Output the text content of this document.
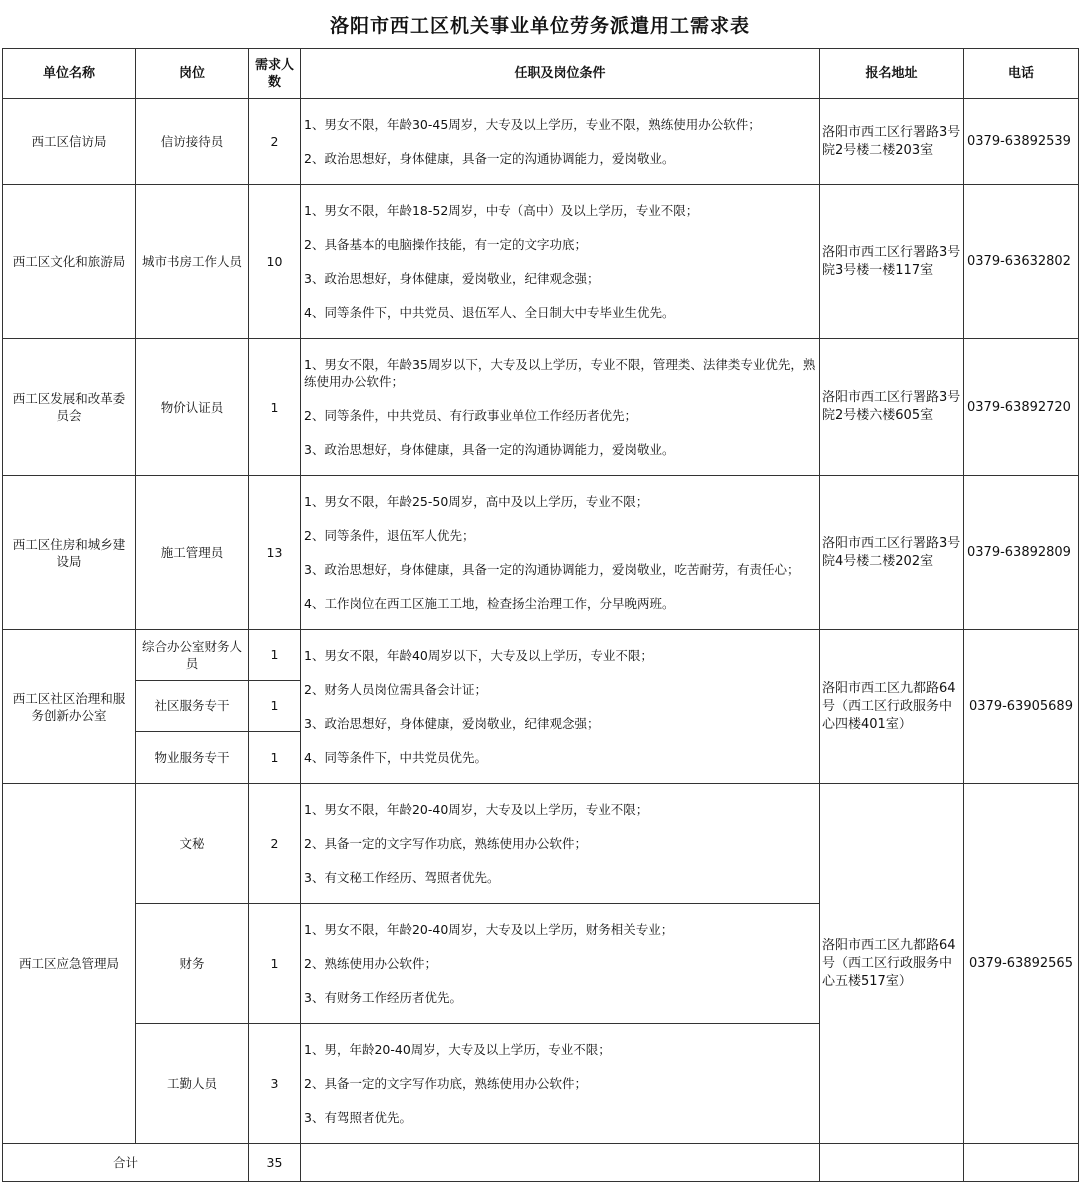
洛阳市西工区机关事业单位劳务派遣用工需求表
单位名称	岗位	需求人数	任职及岗位条件	报名地址	电话
西工区信访局	信访接待员	2	1、男女不限，年龄30-45周岁，大专及以上学历，专业不限，熟练使用办公软件；

2、政治思想好，身体健康，具备一定的沟通协调能力，爱岗敬业。	洛阳市西工区行署路3号院2号楼二楼203室	0379-63892539
西工区文化和旅游局	城市书房工作人员	10	1、男女不限，年龄18-52周岁，中专（高中）及以上学历，专业不限；

2、具备基本的电脑操作技能，有一定的文字功底；

3、政治思想好，身体健康，爱岗敬业，纪律观念强；

4、同等条件下，中共党员、退伍军人、全日制大中专毕业生优先。	洛阳市西工区行署路3号院3号楼一楼117室	0379-63632802
西工区发展和改革委员会	物价认证员	1	1、男女不限，年龄35周岁以下，大专及以上学历，专业不限，管理类、法律类专业优先，熟练使用办公软件；

2、同等条件，中共党员、有行政事业单位工作经历者优先；

3、政治思想好，身体健康，具备一定的沟通协调能力，爱岗敬业。	洛阳市西工区行署路3号院2号楼六楼605室	0379-63892720
西工区住房和城乡建设局	施工管理员	13	1、男女不限，年龄25-50周岁，高中及以上学历，专业不限；

2、同等条件，退伍军人优先；

3、政治思想好，身体健康，具备一定的沟通协调能力，爱岗敬业，吃苦耐劳，有责任心；

4、工作岗位在西工区施工工地，检查扬尘治理工作，分早晚两班。	洛阳市西工区行署路3号院4号楼二楼202室	0379-63892809
西工区社区治理和服务创新办公室	综合办公室财务人员	1	1、男女不限，年龄40周岁以下，大专及以上学历，专业不限；

2、财务人员岗位需具备会计证；

3、政治思想好，身体健康，爱岗敬业，纪律观念强；

4、同等条件下，中共党员优先。	洛阳市西工区九都路64号（西工区行政服务中心四楼401室）	0379-63905689
	社区服务专干	1			
	物业服务专干	1			
西工区应急管理局	文秘	2	1、男女不限，年龄20-40周岁，大专及以上学历，专业不限；

2、具备一定的文字写作功底，熟练使用办公软件；

3、有文秘工作经历、驾照者优先。	洛阳市西工区九都路64号（西工区行政服务中心五楼517室）	0379-63892565
	财务	1	1、男女不限，年龄20-40周岁，大专及以上学历，财务相关专业；

2、熟练使用办公软件；

3、有财务工作经历者优先。		

	工勤人员	3	1、男，年龄20-40周岁，大专及以上学历，专业不限；

2、具备一定的文字写作功底，熟练使用办公软件；

3、有驾照者优先。		

合计		35			
